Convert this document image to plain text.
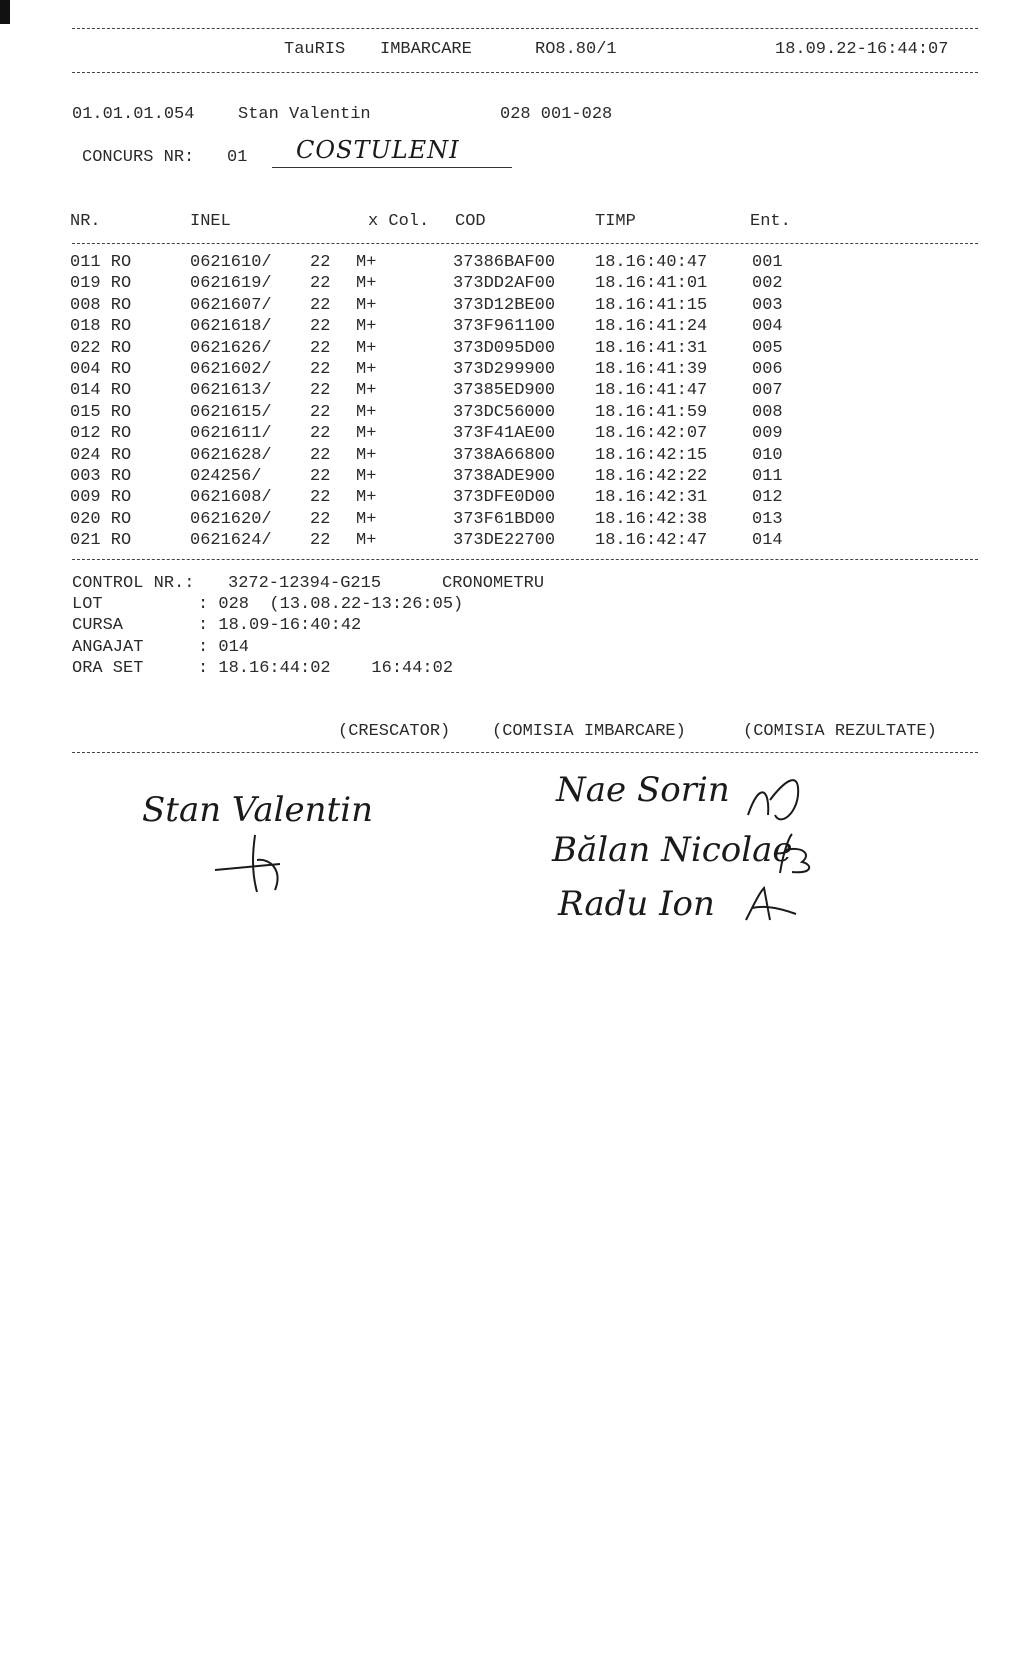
TauRIS IMBARCARE	RO8.80/1	18.09.22-16:44:07
01.01.01.054	Stan Valentin	028 001-028
CONCURS NR: 01 COSTULENI
NR.	INEL	x Col. COD	TIMP	Ent.
011 RO	0621610/ 22 M+	37386BAF00 18.16:40:47	001
019 RO	0621619/ 22 M+	373DD2AF00 18.16:41:01	002
008 RO	0621607/ 22 M+	373D12BE00 18.16:41:15	003
018 RO	0621618/ 22 M+	373F961100 18.16:41:24	004
022 RO	0621626/ 22 M+	373D095D00 18.16:41:31	005
004 RO	0621602/ 22 M+	373D299900 18.16:41:39	006
014 RO	0621613/ 22 M+	37385ED900 18.16:41:47	007
015 RO	0621615/ 22 M+	373DC56000 18.16:41:59	008
012 RO	0621611/ 22 M+	373F41AE00 18.16:42:07	009
024 RO	0621628/ 22 M+	3738A66800 18.16:42:15	010
003 RO	024256/	22 M+	3738ADE900 18.16:42:22	011
009 RO	0621608/ 22 M+	373DFE0D00 18.16:42:31	012
020 RO	0621620/ 22 M+	373F61BD00 18.16:42:38	013
021 RO	0621624/ 22 M+	373DE22700 18.16:42:47	014
CONTROL NR.: 3272-12394-G215	CRONOMETRU
LOT	: 028  (13.08.22-13:26:05)
CURSA	: 18.09-16:40:42
ANGAJAT	: 014
ORA SET	: 18.16:44:02    16:44:02
(CRESCATOR) (COMISIA IMBARCARE)	(COMISIA REZULTATE)
Stan Valentin	Nae Sorin
Bălan Nicolae
Radu Ion
